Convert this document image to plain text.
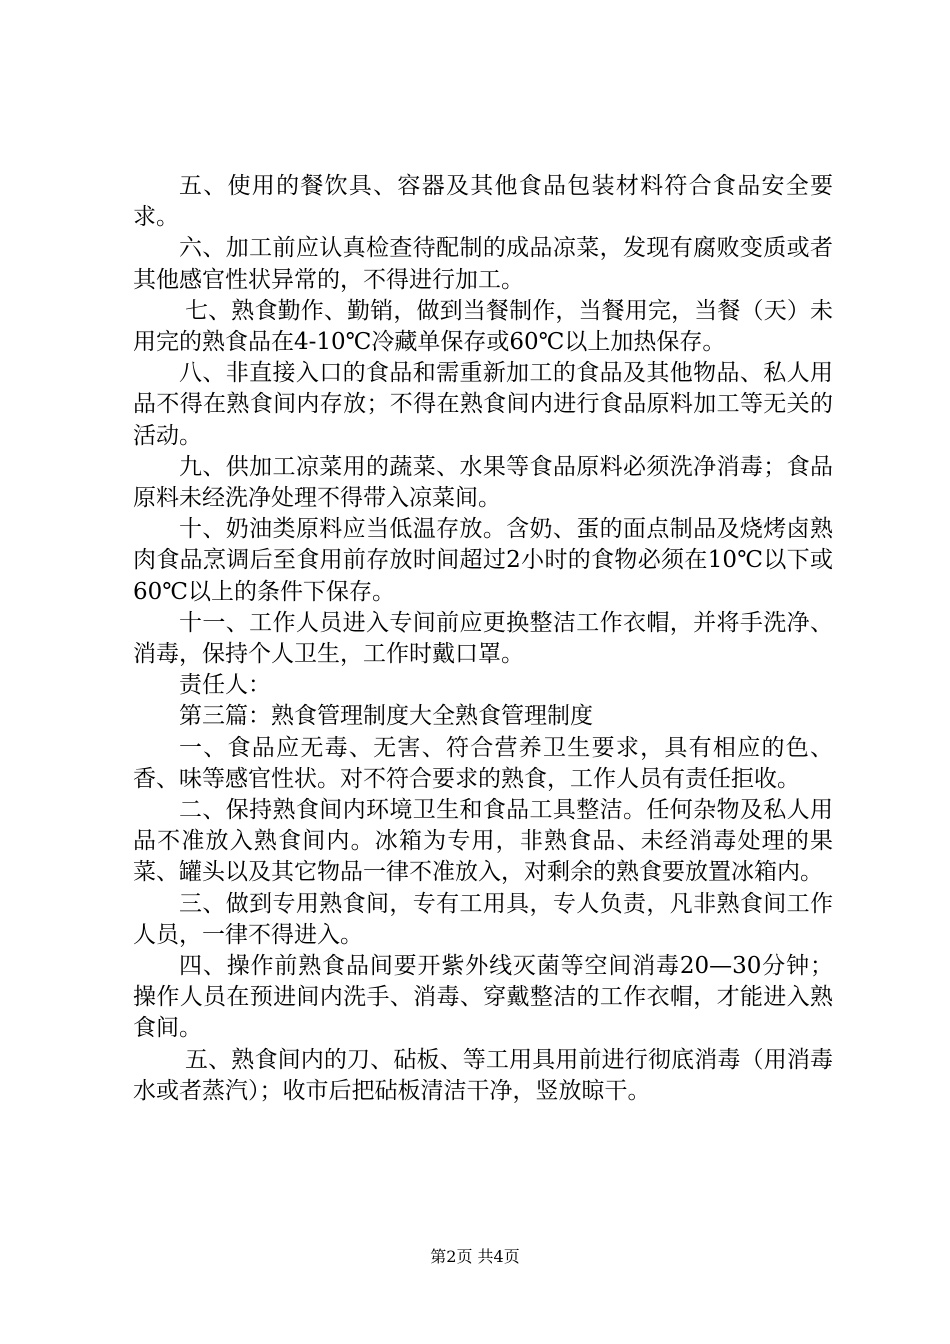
五、使用的餐饮具、容器及其他食品包装材料符合食品安全要求。

六、加工前应认真检查待配制的成品凉菜，发现有腐败变质或者其他感官性状异常的，不得进行加工。

七、熟食勤作、勤销，做到当餐制作，当餐用完，当餐（天）未用完的熟食品在4-10℃冷藏单保存或60℃以上加热保存。

八、非直接入口的食品和需重新加工的食品及其他物品、私人用品不得在熟食间内存放；不得在熟食间内进行食品原料加工等无关的活动。

九、供加工凉菜用的蔬菜、水果等食品原料必须洗净消毒；食品原料未经洗净处理不得带入凉菜间。

十、奶油类原料应当低温存放。含奶、蛋的面点制品及烧烤卤熟肉食品烹调后至食用前存放时间超过2小时的食物必须在10℃以下或60℃以上的条件下保存。

十一、工作人员进入专间前应更换整洁工作衣帽，并将手洗净、消毒，保持个人卫生，工作时戴口罩。

责任人：

第三篇：熟食管理制度大全熟食管理制度

一、食品应无毒、无害、符合营养卫生要求，具有相应的色、香、味等感官性状。对不符合要求的熟食，工作人员有责任拒收。

二、保持熟食间内环境卫生和食品工具整洁。任何杂物及私人用品不准放入熟食间内。冰箱为专用，非熟食品、未经消毒处理的果菜、罐头以及其它物品一律不准放入，对剩余的熟食要放置冰箱内。

三、做到专用熟食间，专有工用具，专人负责，凡非熟食间工作人员，一律不得进入。

四、操作前熟食品间要开紫外线灭菌等空间消毒20—30分钟；操作人员在预进间内洗手、消毒、穿戴整洁的工作衣帽，才能进入熟食间。

五、熟食间内的刀、砧板、等工用具用前进行彻底消毒（用消毒水或者蒸汽）；收市后把砧板清洁干净，竖放晾干。

第2页 共4页
